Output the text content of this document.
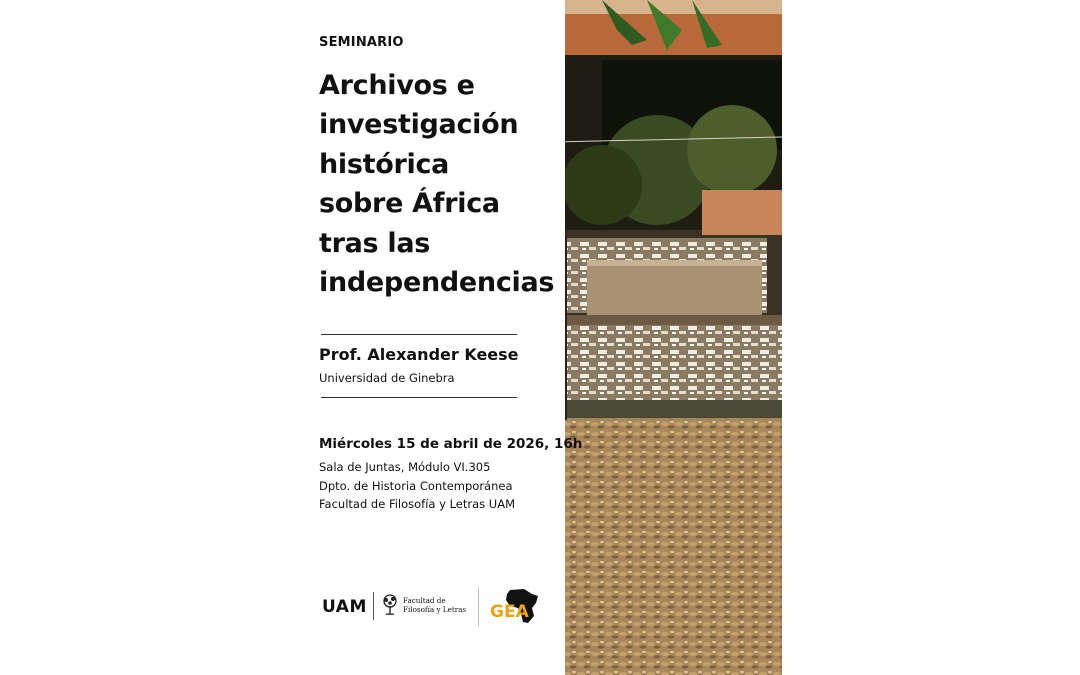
SEMINARIO
Archivos e
investigación
histórica
sobre África
tras las
independencias
Prof. Alexander Keese
Universidad de Ginebra
Miércoles 15 de abril de 2026, 16h
Sala de Juntas, Módulo VI.305
Dpto. de Historia Contemporánea
Facultad de Filosofía y Letras UAM
UAM	Facultad de
Filosofía y Letras GEA
